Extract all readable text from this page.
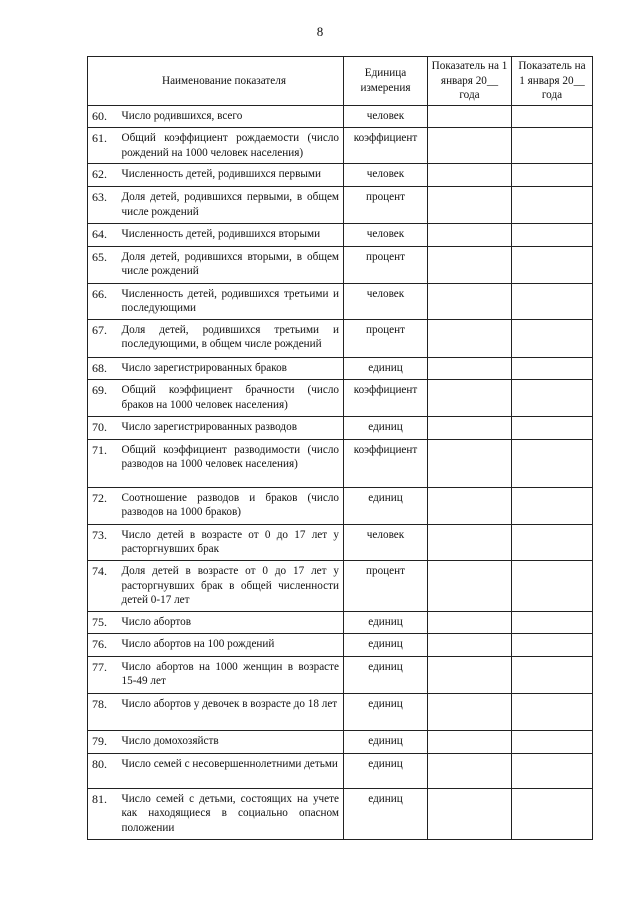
8
Наименование показателя		Единица измерения	Показатель на 1 января 20__ года	Показатель на 1 января 20__ года
60.	Число родившихся, всего	человек		
61.	Общий коэффициент рождаемости (число рождений на 1000 человек населения)	коэффициент		
62.	Численность детей, родившихся первыми	человек		
63.	Доля детей, родившихся первыми, в общем числе рождений	процент		
64.	Численность детей, родившихся вторыми	человек		
65.	Доля детей, родившихся вторыми, в общем числе рождений	процент		
66.	Численность детей, родившихся третьими и последующими	человек		
67.	Доля детей, родившихся третьими и последующими, в общем числе рождений	процент		
68.	Число зарегистрированных браков	единиц		
69.	Общий коэффициент брачности (число браков на 1000 человек населения)	коэффициент		
70.	Число зарегистрированных разводов	единиц		
71.	Общий коэффициент разводимости (число разводов на 1000 человек населения)	коэффициент		
72.	Соотношение разводов и браков (число разводов на 1000 браков)	единиц		
73.	Число детей в возрасте от 0 до 17 лет у расторгнувших брак	человек		
74.	Доля детей в возрасте от 0 до 17 лет у расторгнувших брак в общей численности детей 0-17 лет	процент		
75.	Число абортов	единиц		
76.	Число абортов на 100 рождений	единиц		
77.	Число абортов на 1000 женщин в возрасте 15-49 лет	единиц		
78.	Число абортов у девочек в возрасте до 18 лет	единиц		
79.	Число домохозяйств	единиц		
80.	Число семей с несовершеннолетними детьми	единиц		
81.	Число семей с детьми, состоящих на учете как находящиеся в социально опасном положении	единиц		
